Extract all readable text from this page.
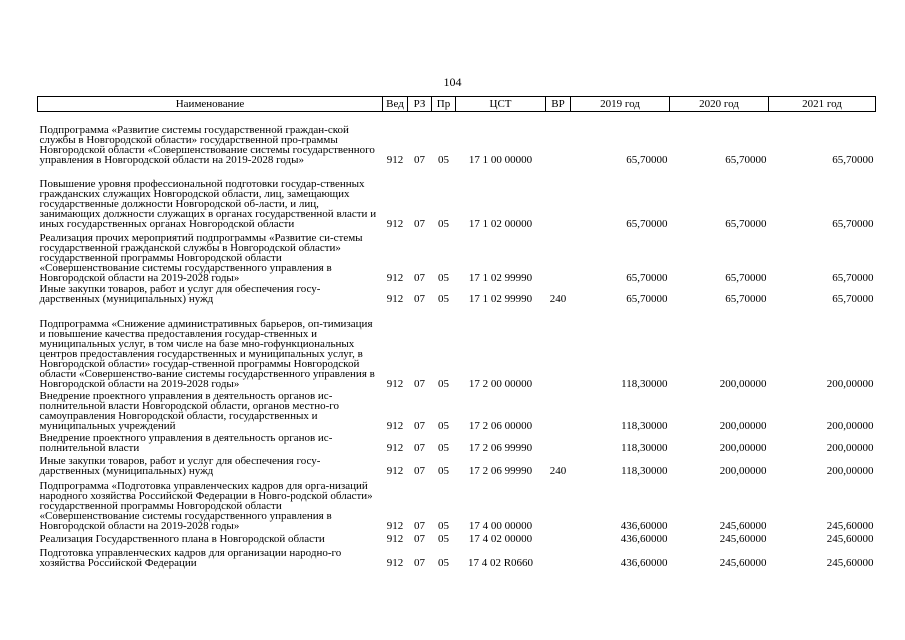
104
Наименование	Вед	РЗ	Пр	ЦСТ	ВР	2019 год	2020 год	2021 год
Подпрограмма «Развитие системы государственной граждан-ской службы в Новгородской области» государственной про-граммы Новгородской области «Совершенствование системы государственного управления в Новгородской области на 2019-2028 годы»	912	07	05	17 1 00 00000		65,70000	65,70000	65,70000
Повышение уровня профессиональной подготовки государ-ственных гражданских служащих Новгородской области, лиц, замещающих государственные должности Новгородской об-ласти, и лиц, занимающих должности служащих в органах государственной власти и иных государственных органах Новгородской области	912	07	05	17 1 02 00000		65,70000	65,70000	65,70000
Реализация прочих мероприятий подпрограммы «Развитие си-стемы государственной гражданской службы в Новгородской области» государственной программы Новгородской области «Совершенствование системы государственного управления в Новгородской области на 2019-2028 годы»	912	07	05	17 1 02 99990		65,70000	65,70000	65,70000
Иные закупки товаров, работ и услуг для обеспечения госу-дарственных (муниципальных) нужд	912	07	05	17 1 02 99990	240	65,70000	65,70000	65,70000
Подпрограмма «Снижение административных барьеров, оп-тимизация и повышение качества предоставления государ-ственных и муниципальных услуг, в том числе на базе мно-гофункциональных центров предоставления государственных и муниципальных услуг, в Новгородской области» государ-ственной программы Новгородской области «Совершенство-вание системы государственного управления в Новгородской области на 2019-2028 годы»	912	07	05	17 2 00 00000		118,30000	200,00000	200,00000
Внедрение проектного управления в деятельность органов ис-полнительной власти Новгородской области, органов местно-го самоуправления Новгородской области, государственных и муниципальных учреждений	912	07	05	17 2 06 00000		118,30000	200,00000	200,00000
Внедрение проектного управления в деятельность органов ис-полнительной власти	912	07	05	17 2 06 99990		118,30000	200,00000	200,00000
Иные закупки товаров, работ и услуг для обеспечения госу-дарственных (муниципальных) нужд	912	07	05	17 2 06 99990	240	118,30000	200,00000	200,00000
Подпрограмма «Подготовка управленческих кадров для орга-низаций народного хозяйства Российской Федерации в Новго-родской области» государственной программы Новгородской области «Совершенствование системы государственного управления в Новгородской области на 2019-2028 годы»	912	07	05	17 4 00 00000		436,60000	245,60000	245,60000
Реализация Государственного плана в Новгородской области	912	07	05	17 4 02 00000		436,60000	245,60000	245,60000
Подготовка управленческих кадров для организации народно-го хозяйства Российской Федерации	912	07	05	17 4 02 R0660		436,60000	245,60000	245,60000
